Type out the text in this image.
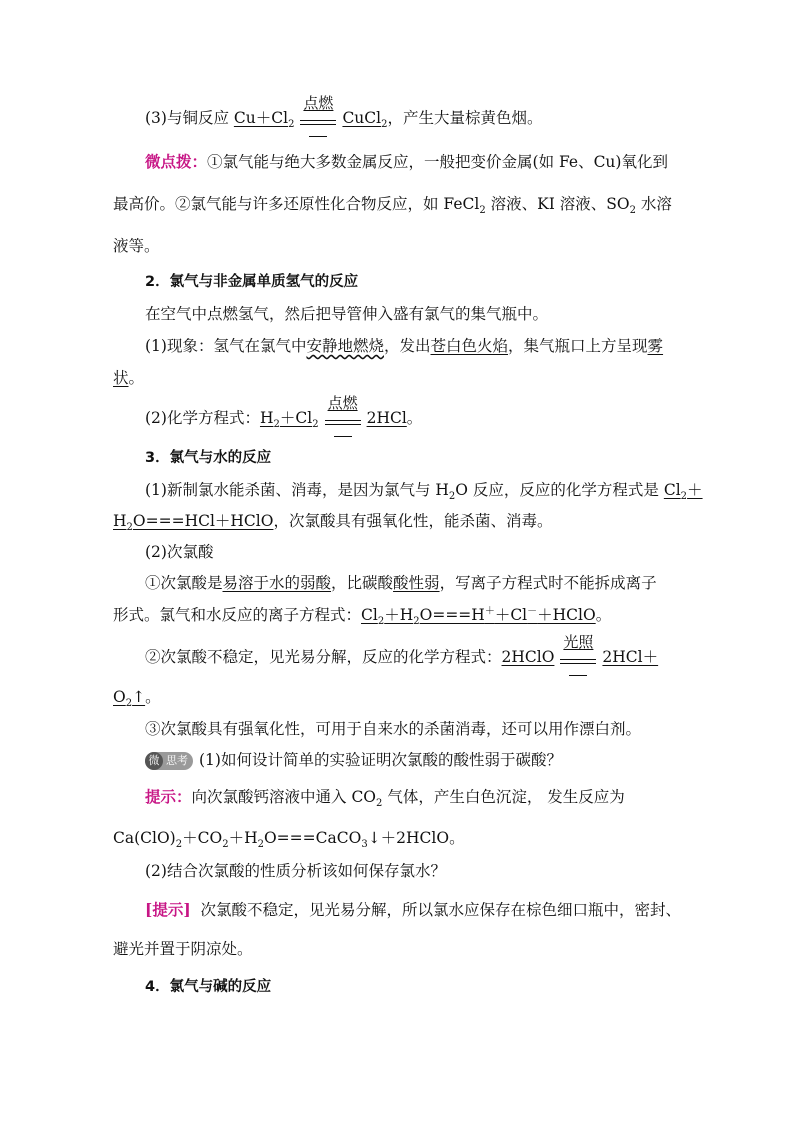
(3)与铜反应 $Cu+Cl_2$
点燃
CuCl$_2$，产生大量棕黄色烟。
微点拨：①氯气能与绝大多数金属反应，一般把变价金属(如 Fe、Cu)氧化到
最高价。②氯气能与许多还原性化合物反应，如 FeCl$_2$ 溶液、KI 溶液、$SO_2$ 水溶
液等。
2．氯气与非金属单质氢气的反应
在空气中点燃氢气，然后把导管伸入盛有氯气的集气瓶中。
(1)现象：氢气在氯气中安静地燃烧，发出苍白色火焰，集气瓶口上方呈现雾
状。
(2)化学方程式：$H_2+Cl_2$
点燃
2HCl。
3．氯气与水的反应
(1)新制氯水能杀菌、消毒，是因为氯气与 $H_2O$ 反应，反应的化学方程式是 $Cl_2+$
$H_2O===HCl+HClO$，次氯酸具有强氧化性，能杀菌、消毒。
(2)次氯酸
①次氯酸是易溶于水的弱酸，比碳酸酸性弱，写离子方程式时不能拆成离子
形式。氯气和水反应的离子方程式：$Cl_2+H_2O===H^++Cl^-+HClO$。
②次氯酸不稳定，见光易分解，反应的化学方程式：2HClO
光照
2HCl＋
$O_2↑$。
③次氯酸具有强氧化性，可用于自来水的杀菌消毒，还可以用作漂白剂。
微 思考 (1)如何设计简单的实验证明次氯酸的酸性弱于碳酸？
提示：向次氯酸钙溶液中通入 $CO_2$ 气体，产生白色沉淀， 发生反应为
$Ca(ClO)_2+CO_2+H_2O===CaCO_3↓+2HClO$。
(2)结合次氯酸的性质分析该如何保存氯水？
[提示]  次氯酸不稳定，见光易分解，所以氯水应保存在棕色细口瓶中，密封、
避光并置于阴凉处。
4．氯气与碱的反应
